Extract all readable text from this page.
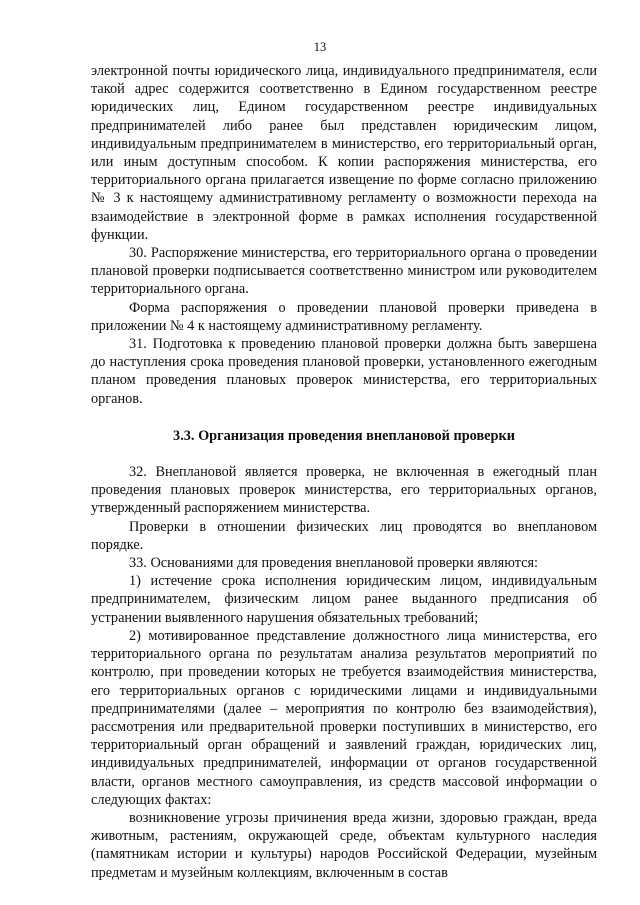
13

электронной почты юридического лица, индивидуального предпринимателя, если такой адрес содержится соответственно в Едином государственном реестре юридических лиц, Едином государственном реестре индивидуальных предпринимателей либо ранее был представлен юридическим лицом, индивидуальным предпринимателем в министерство, его территориальный орган, или иным доступным способом. К копии распоряжения министерства, его территориального органа прилагается извещение по форме согласно приложению № 3 к настоящему административному регламенту о возможности перехода на взаимодействие в электронной форме в рамках исполнения государственной функции.

30. Распоряжение министерства, его территориального органа о проведении плановой проверки подписывается соответственно министром или руководителем территориального органа.

Форма распоряжения о проведении плановой проверки приведена в приложении № 4 к настоящему административному регламенту.

31. Подготовка к проведению плановой проверки должна быть завершена до наступления срока проведения плановой проверки, установленного ежегодным планом проведения плановых проверок министерства, его территориальных органов.

3.3. Организация проведения внеплановой проверки

32. Внеплановой является проверка, не включенная в ежегодный план проведения плановых проверок министерства, его территориальных органов, утвержденный распоряжением министерства.

Проверки в отношении физических лиц проводятся во внеплановом порядке.

33. Основаниями для проведения внеплановой проверки являются:

1) истечение срока исполнения юридическим лицом, индивидуальным предпринимателем, физическим лицом ранее выданного предписания об устранении выявленного нарушения обязательных требований;

2) мотивированное представление должностного лица министерства, его территориального органа по результатам анализа результатов мероприятий по контролю, при проведении которых не требуется взаимодействия министерства, его территориальных органов с юридическими лицами и индивидуальными предпринимателями (далее – мероприятия по контролю без взаимодействия), рассмотрения или предварительной проверки поступивших в министерство, его территориальный орган обращений и заявлений граждан, юридических лиц, индивидуальных предпринимателей, информации от органов государственной власти, органов местного самоуправления, из средств массовой информации о следующих фактах:

возникновение угрозы причинения вреда жизни, здоровью граждан, вреда животным, растениям, окружающей среде, объектам культурного наследия (памятникам истории и культуры) народов Российской Федерации, музейным предметам и музейным коллекциям, включенным в состав
